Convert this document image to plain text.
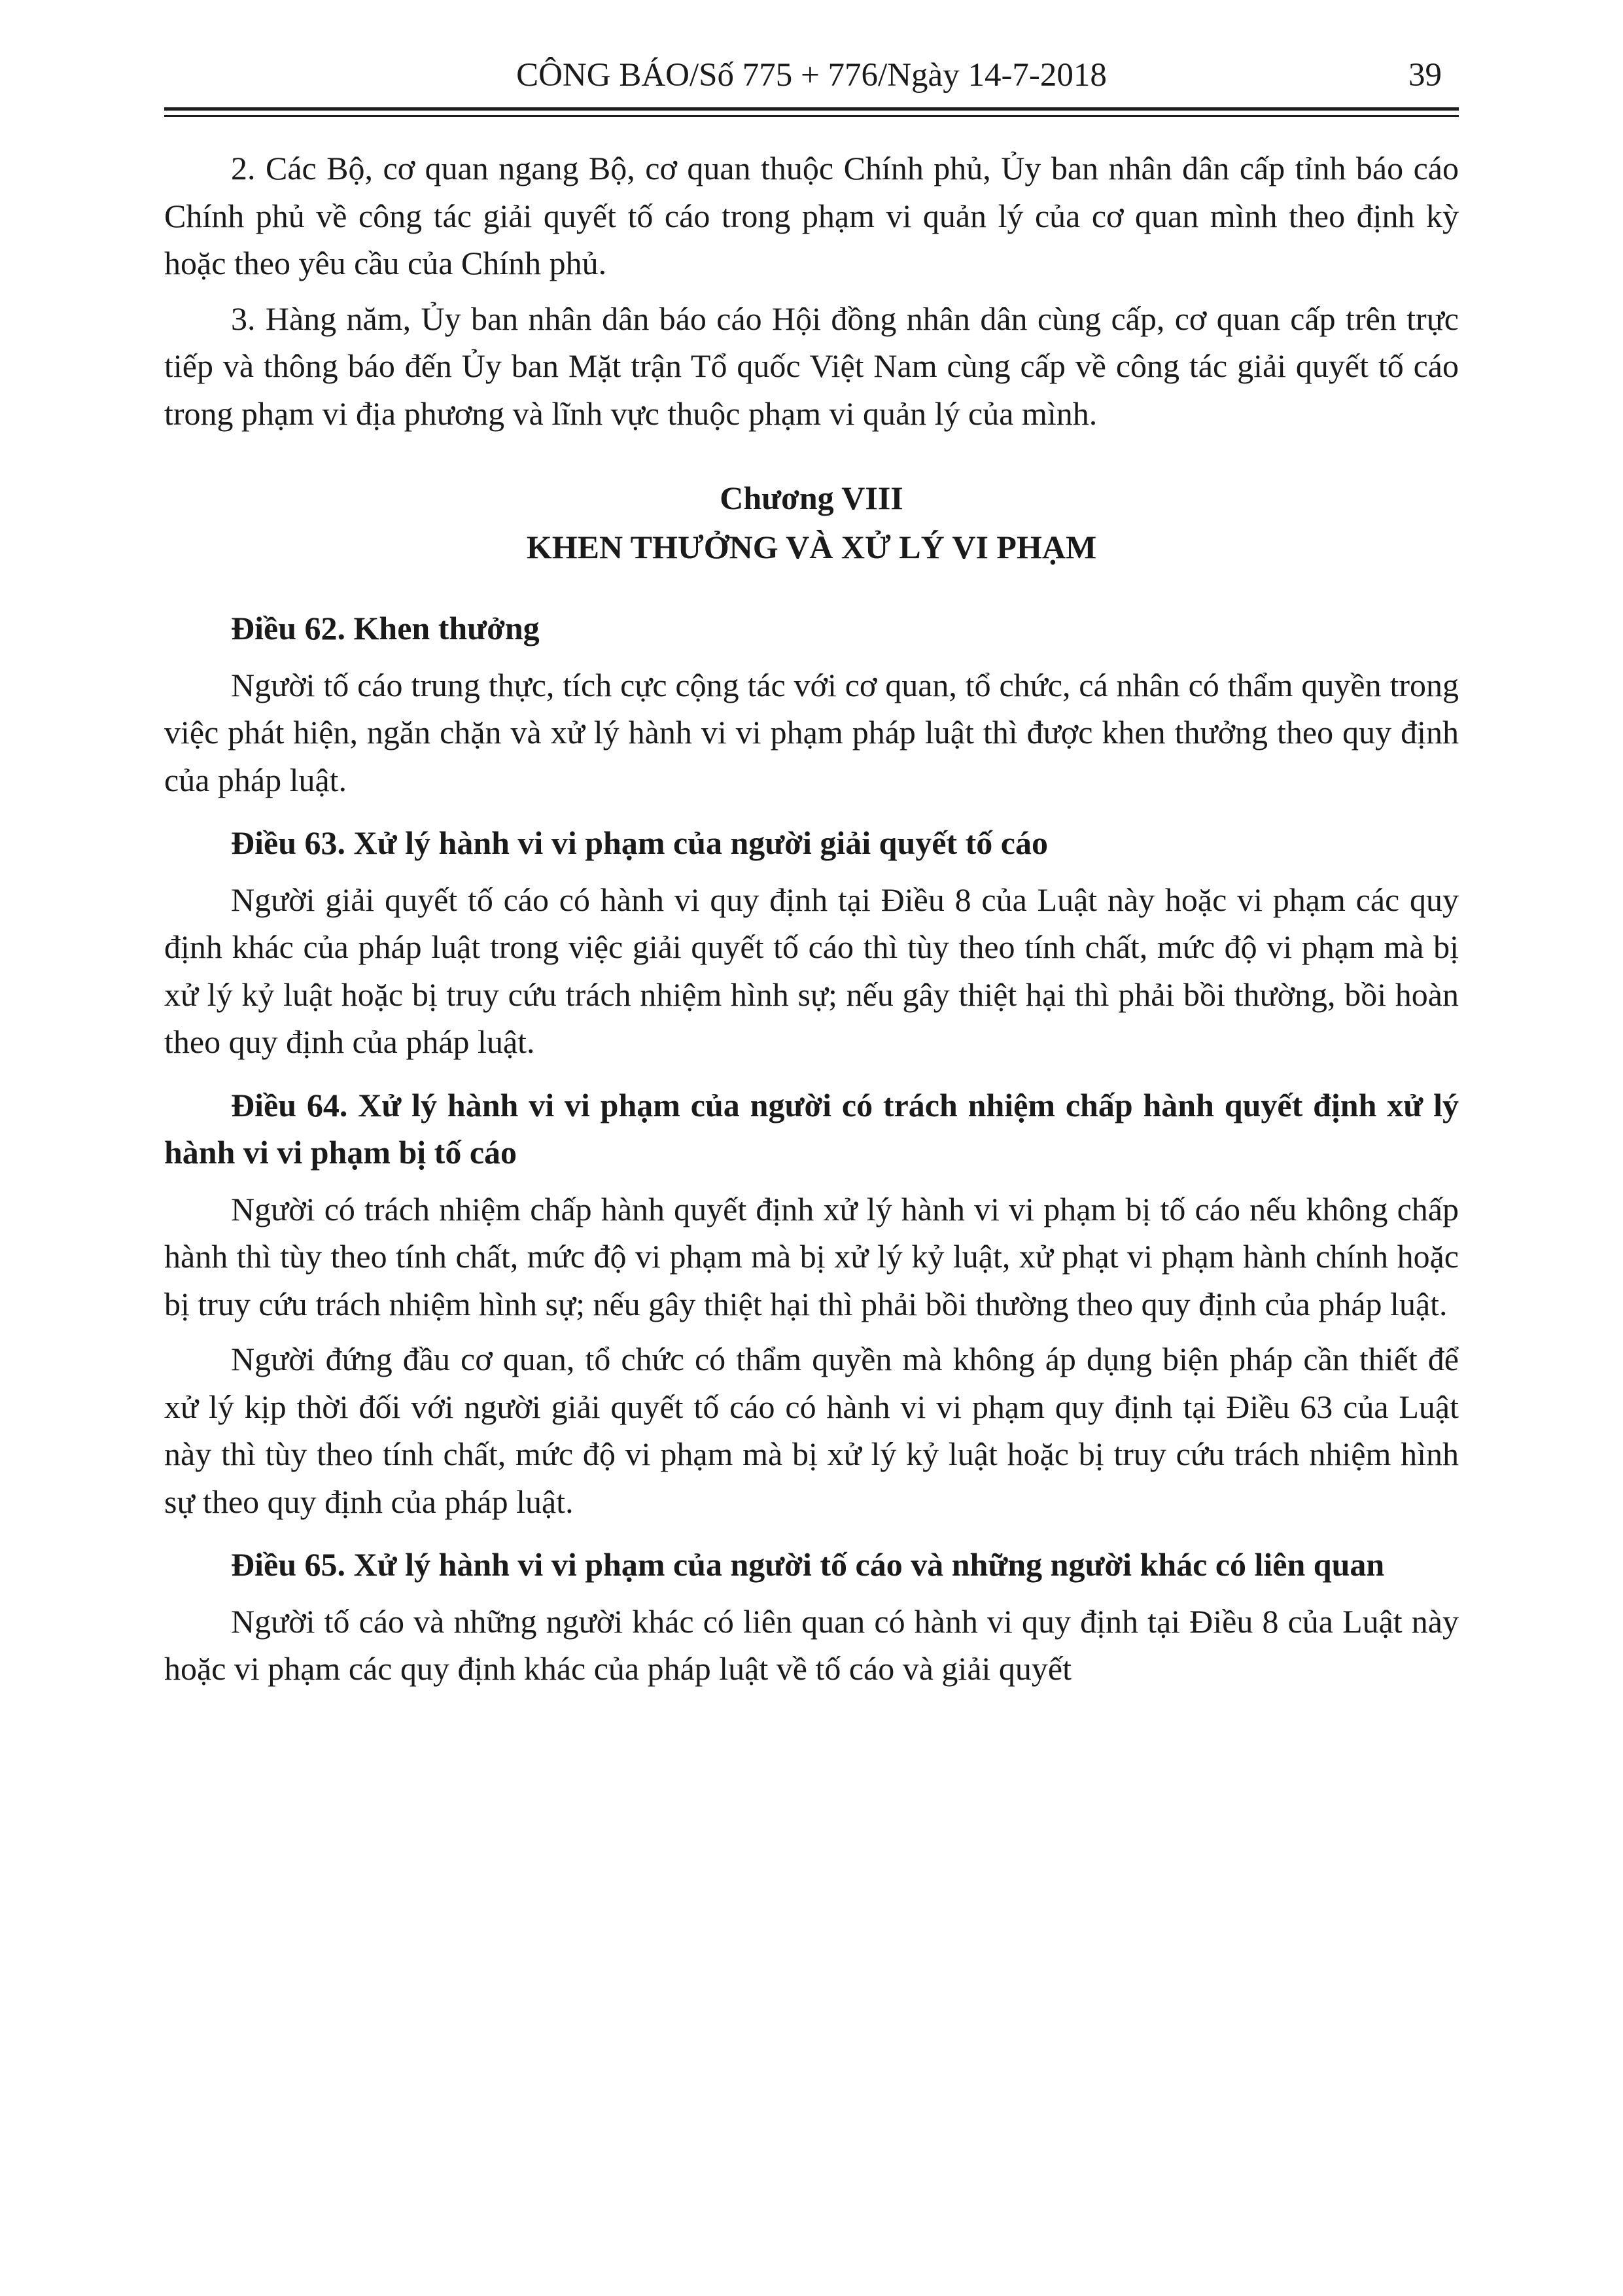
CÔNG BÁO/Số 775 + 776/Ngày 14-7-2018	39

2. Các Bộ, cơ quan ngang Bộ, cơ quan thuộc Chính phủ, Ủy ban nhân dân cấp tỉnh báo cáo Chính phủ về công tác giải quyết tố cáo trong phạm vi quản lý của cơ quan mình theo định kỳ hoặc theo yêu cầu của Chính phủ.

3. Hàng năm, Ủy ban nhân dân báo cáo Hội đồng nhân dân cùng cấp, cơ quan cấp trên trực tiếp và thông báo đến Ủy ban Mặt trận Tổ quốc Việt Nam cùng cấp về công tác giải quyết tố cáo trong phạm vi địa phương và lĩnh vực thuộc phạm vi quản lý của mình.

Chương VIII
KHEN THƯỞNG VÀ XỬ LÝ VI PHẠM

Điều 62. Khen thưởng

Người tố cáo trung thực, tích cực cộng tác với cơ quan, tổ chức, cá nhân có thẩm quyền trong việc phát hiện, ngăn chặn và xử lý hành vi vi phạm pháp luật thì được khen thưởng theo quy định của pháp luật.

Điều 63. Xử lý hành vi vi phạm của người giải quyết tố cáo

Người giải quyết tố cáo có hành vi quy định tại Điều 8 của Luật này hoặc vi phạm các quy định khác của pháp luật trong việc giải quyết tố cáo thì tùy theo tính chất, mức độ vi phạm mà bị xử lý kỷ luật hoặc bị truy cứu trách nhiệm hình sự; nếu gây thiệt hại thì phải bồi thường, bồi hoàn theo quy định của pháp luật.

Điều 64. Xử lý hành vi vi phạm của người có trách nhiệm chấp hành quyết định xử lý hành vi vi phạm bị tố cáo

Người có trách nhiệm chấp hành quyết định xử lý hành vi vi phạm bị tố cáo nếu không chấp hành thì tùy theo tính chất, mức độ vi phạm mà bị xử lý kỷ luật, xử phạt vi phạm hành chính hoặc bị truy cứu trách nhiệm hình sự; nếu gây thiệt hại thì phải bồi thường theo quy định của pháp luật.

Người đứng đầu cơ quan, tổ chức có thẩm quyền mà không áp dụng biện pháp cần thiết để xử lý kịp thời đối với người giải quyết tố cáo có hành vi vi phạm quy định tại Điều 63 của Luật này thì tùy theo tính chất, mức độ vi phạm mà bị xử lý kỷ luật hoặc bị truy cứu trách nhiệm hình sự theo quy định của pháp luật.

Điều 65. Xử lý hành vi vi phạm của người tố cáo và những người khác có liên quan

Người tố cáo và những người khác có liên quan có hành vi quy định tại Điều 8 của Luật này hoặc vi phạm các quy định khác của pháp luật về tố cáo và giải quyết
